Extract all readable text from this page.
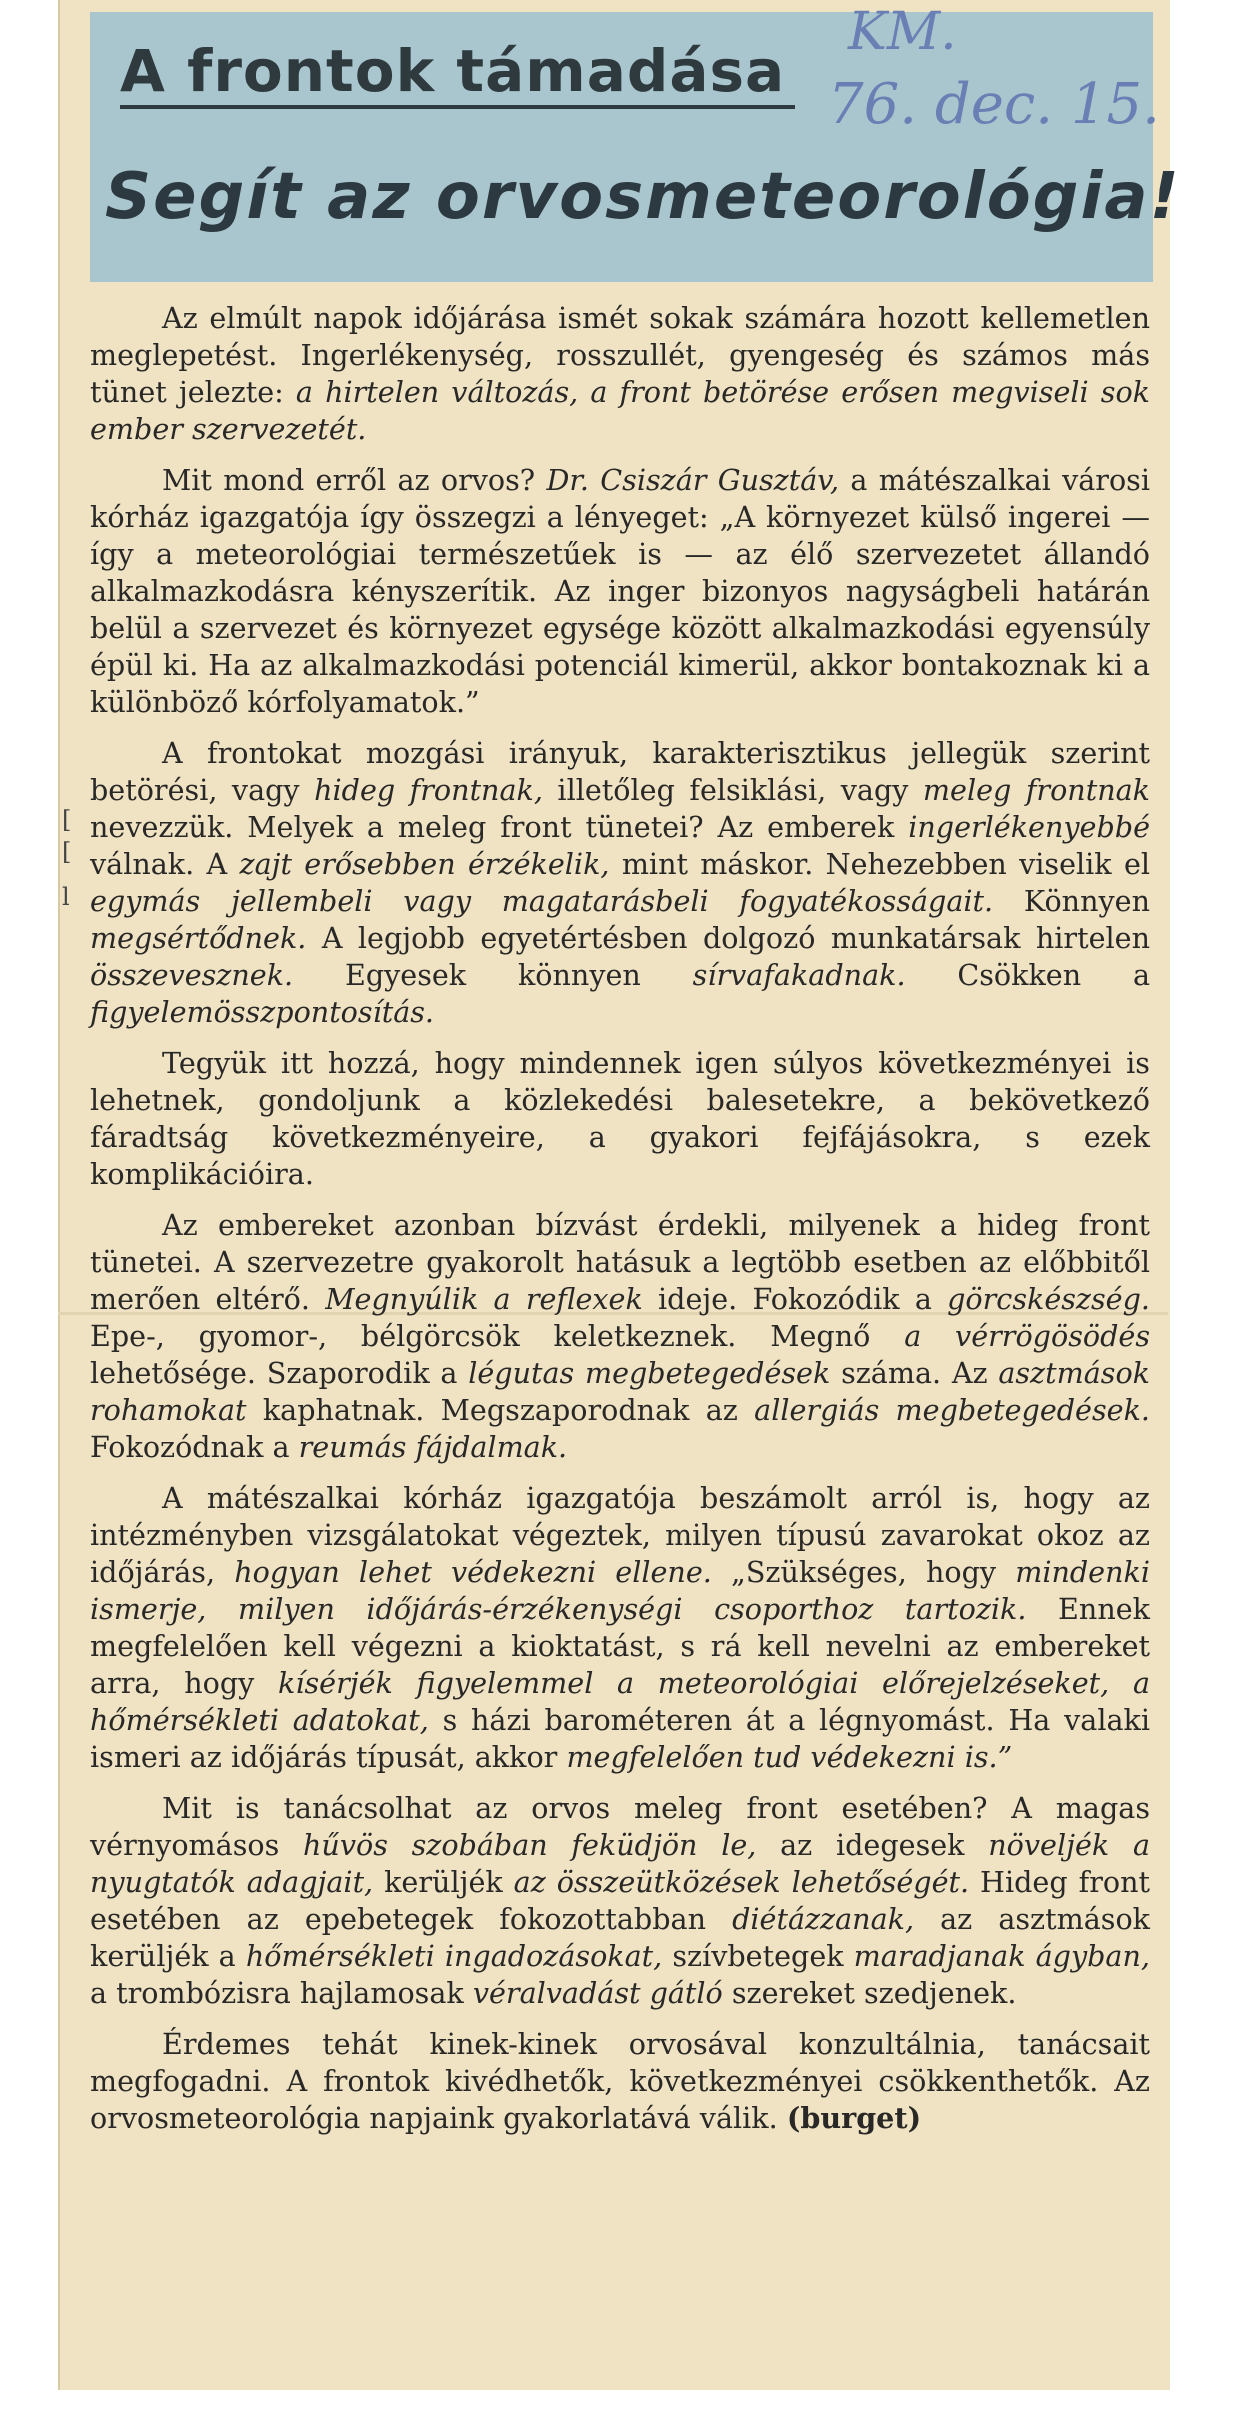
A frontok támadása
Segít az orvosmeteorológia!
KM.
76. dec. 15.
[
[
l

Az elmúlt napok időjárása ismét sokak számára hozott kellemetlen meglepetést. Ingerlékenység, rosszullét, gyengeség és számos más tünet jelezte: a hirtelen változás, a front betörése erősen megviseli sok ember szervezetét.

Mit mond erről az orvos? Dr. Csiszár Gusztáv, a mátészalkai városi kórház igazgatója így összegzi a lényeget: „A környezet külső ingerei — így a meteorológiai természetűek is — az élő szervezetet állandó alkalmazkodásra kényszerítik. Az inger bizonyos nagyságbeli határán belül a szervezet és környezet egysége között alkalmazkodási egyensúly épül ki. Ha az alkalmazkodási potenciál kimerül, akkor bontakoznak ki a különböző kórfolyamatok.”

A frontokat mozgási irányuk, karakterisztikus jellegük szerint betörési, vagy hideg frontnak, illetőleg felsiklási, vagy meleg frontnak nevezzük. Melyek a meleg front tünetei? Az emberek ingerlékenyebbé válnak. A zajt erősebben érzékelik, mint máskor. Nehezebben viselik el egymás jellembeli vagy magatarásbeli fogyatékosságait. Könnyen megsértődnek. A legjobb egyetértésben dolgozó munkatársak hirtelen összevesznek. Egyesek könnyen sírvafakadnak. Csökken a figyelemösszpontosítás.

Tegyük itt hozzá, hogy mindennek igen súlyos következményei is lehetnek, gondoljunk a közlekedési balesetekre, a bekövetkező fáradtság következményeire, a gyakori fejfájásokra, s ezek komplikációira.

Az embereket azonban bízvást érdekli, milyenek a hideg front tünetei. A szervezetre gyakorolt hatásuk a legtöbb esetben az előbbitől merően eltérő. Megnyúlik a reflexek ideje. Fokozódik a görcskészség. Epe-, gyomor-, bélgörcsök keletkeznek. Megnő a vérrögösödés lehetősége. Szaporodik a légutas megbetegedések száma. Az asztmások rohamokat kaphatnak. Megszaporodnak az allergiás megbetegedések. Fokozódnak a reumás fájdalmak.

A mátészalkai kórház igazgatója beszámolt arról is, hogy az intézményben vizsgálatokat végeztek, milyen típusú zavarokat okoz az időjárás, hogyan lehet védekezni ellene. „Szükséges, hogy mindenki ismerje, milyen időjárás-érzékenységi csoporthoz tartozik. Ennek megfelelően kell végezni a kioktatást, s rá kell nevelni az embereket arra, hogy kísérjék figyelemmel a meteorológiai előrejelzéseket, a hőmérsékleti adatokat, s házi barométeren át a légnyomást. Ha valaki ismeri az időjárás típusát, akkor megfelelően tud védekezni is.”

Mit is tanácsolhat az orvos meleg front esetében? A magas vérnyomásos hűvös szobában feküdjön le, az idegesek növeljék a nyugtatók adagjait, kerüljék az összeütközések lehetőségét. Hideg front esetében az epebetegek fokozottabban diétázzanak, az asztmások kerüljék a hőmérsékleti ingadozásokat, szívbetegek maradjanak ágyban, a trombózisra hajlamosak véralvadást gátló szereket szedjenek.

Érdemes tehát kinek-kinek orvosával konzultálnia, tanácsait megfogadni. A frontok kivédhetők, következményei csökkenthetők. Az orvosmeteorológia napjaink gyakorlatává válik. (burget)
